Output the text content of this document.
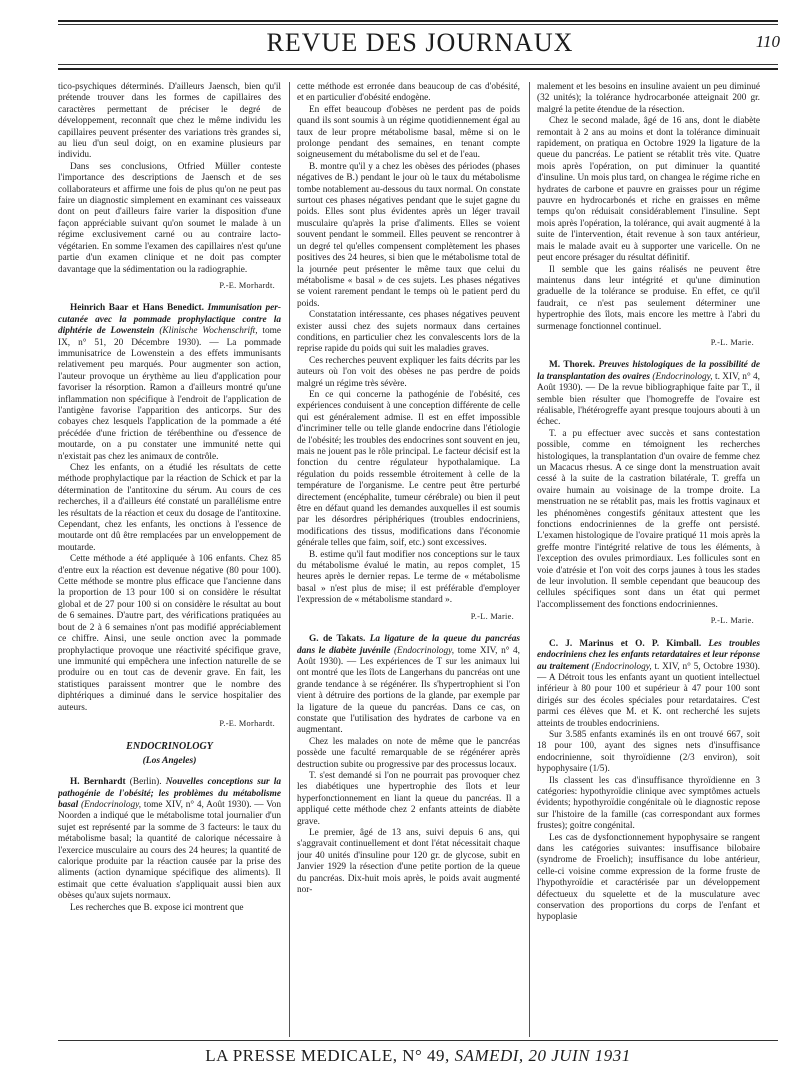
REVUE DES JOURNAUX	110

tico-psychiques déterminés. D'ailleurs Jaensch, bien qu'il prétende trouver dans les formes de capillaires des caractères permettant de préciser le degré de développement, reconnaît que chez le même individu les capillaires peuvent présenter des variations très grandes si, au lieu d'un seul doigt, on en examine plusieurs par individu.

Dans ses conclusions, Otfried Müller conteste l'importance des descriptions de Jaensch et de ses collaborateurs et affirme une fois de plus qu'on ne peut pas faire un diagnostic simplement en examinant ces vaisseaux dont on peut d'ailleurs faire varier la disposition d'une façon appréciable suivant qu'on soumet le malade à un régime exclusivement carné ou au contraire lacto-végétarien. En somme l'examen des capillaires n'est qu'une partie d'un examen clinique et ne doit pas compter davantage que la sédimentation ou la radiographie.

P.-E. Morhardt.

Heinrich Baar et Hans Benedict. Immunisation per-cutanée avec la pommade prophylactique contre la diphtérie de Lowenstein (Klinische Wochenschrift, tome IX, n° 51, 20 Décembre 1930). — La pommade immunisatrice de Lowenstein a des effets immunisants relativement peu marqués. Pour augmenter son action, l'auteur provoque un érythème au lieu d'application pour favoriser la résorption. Ramon a d'ailleurs montré qu'une inflammation non spécifique à l'endroit de l'application de l'antigène favorise l'apparition des anticorps. Sur des cobayes chez lesquels l'application de la pommade a été précédée d'une friction de térébenthine ou d'essence de moutarde, on a pu constater une immunité nette qui n'existait pas chez les animaux de contrôle.

Chez les enfants, on a étudié les résultats de cette méthode prophylactique par la réaction de Schick et par la détermination de l'antitoxine du sérum. Au cours de ces recherches, il a d'ailleurs été constaté un parallélisme entre les résultats de la réaction et ceux du dosage de l'antitoxine. Cependant, chez les enfants, les onctions à l'essence de moutarde ont dû être remplacées par un enveloppement de moutarde.

Cette méthode a été appliquée à 106 enfants. Chez 85 d'entre eux la réaction est devenue négative (80 pour 100). Cette méthode se montre plus efficace que l'ancienne dans la proportion de 13 pour 100 si on considère le résultat global et de 27 pour 100 si on considère le résultat au bout de 6 semaines. D'autre part, des vérifications pratiquées au bout de 2 à 6 semaines n'ont pas modifié appréciablement ce chiffre. Ainsi, une seule onction avec la pommade prophylactique provoque une réactivité spécifique grave, une immunité qui empêchera une infection naturelle de se produire ou en tout cas de devenir grave. En fait, les statistiques paraissent montrer que le nombre des diphtériques a diminué dans le service hospitalier des auteurs.

P.-E. Morhardt.
ENDOCRINOLOGY
(Los Angeles)

H. Bernhardt (Berlin). Nouvelles conceptions sur la pathogénie de l'obésité; les problèmes du métabolisme basal (Endocrinology, tome XIV, n° 4, Août 1930). — Von Noorden a indiqué que le métabolisme total journalier d'un sujet est représenté par la somme de 3 facteurs: le taux du métabolisme basal; la quantité de calorique nécessaire à l'exercice musculaire au cours des 24 heures; la quantité de calorique produite par la réaction causée par la prise des aliments (action dynamique spécifique des aliments). Il estimait que cette évaluation s'appliquait aussi bien aux obèses qu'aux sujets normaux.

Les recherches que B. expose ici montrent que

cette méthode est erronée dans beaucoup de cas d'obésité, et en particulier d'obésité endogène.

En effet beaucoup d'obèses ne perdent pas de poids quand ils sont soumis à un régime quotidiennement égal au taux de leur propre métabolisme basal, même si on le prolonge pendant des semaines, en tenant compte soigneusement du métabolisme du sel et de l'eau.

B. montre qu'il y a chez les obèses des périodes (phases négatives de B.) pendant le jour où le taux du métabolisme tombe notablement au-dessous du taux normal. On constate surtout ces phases négatives pendant que le sujet gagne du poids. Elles sont plus évidentes après un léger travail musculaire qu'après la prise d'aliments. Elles se voient souvent pendant le sommeil. Elles peuvent se rencontrer à un degré tel qu'elles compensent complètement les phases positives des 24 heures, si bien que le métabolisme total de la journée peut présenter le même taux que celui du métabolisme « basal » de ces sujets. Les phases négatives se voient rarement pendant le temps où le patient perd du poids.

Constatation intéressante, ces phases négatives peuvent exister aussi chez des sujets normaux dans certaines conditions, en particulier chez les convalescents lors de la reprise rapide du poids qui suit les maladies graves.

Ces recherches peuvent expliquer les faits décrits par les auteurs où l'on voit des obèses ne pas perdre de poids malgré un régime très sévère.

En ce qui concerne la pathogénie de l'obésité, ces expériences conduisent à une conception différente de celle qui est généralement admise. Il est en effet impossible d'incriminer telle ou telle glande endocrine dans l'étiologie de l'obésité; les troubles des endocrines sont souvent en jeu, mais ne jouent pas le rôle principal. Le facteur décisif est la fonction du centre régulateur hypothalamique. La régulation du poids ressemble étroitement à celle de la température de l'organisme. Le centre peut être perturbé directement (encéphalite, tumeur cérébrale) ou bien il peut être en défaut quand les demandes auxquelles il est soumis par les désordres périphériques (troubles endocriniens, modifications des tissus, modifications dans l'économie générale telles que faim, soif, etc.) sont excessives.

B. estime qu'il faut modifier nos conceptions sur le taux du métabolisme évalué le matin, au repos complet, 15 heures après le dernier repas. Le terme de « métabolisme basal » n'est plus de mise; il est préférable d'employer l'expression de « métabolisme standard ».

P.-L. Marie.

G. de Takats. La ligature de la queue du pancréas dans le diabète juvénile (Endocrinology, tome XIV, n° 4, Août 1930). — Les expériences de T sur les animaux lui ont montré que les îlots de Langerhans du pancréas ont une grande tendance à se régénérer. Ils s'hypertrophient si l'on vient à détruire des portions de la glande, par exemple par la ligature de la queue du pancréas. Dans ce cas, on constate que l'utilisation des hydrates de carbone va en augmentant.

Chez les malades on note de même que le pancréas possède une faculté remarquable de se régénérer après destruction subite ou progressive par des processus locaux.

T. s'est demandé si l'on ne pourrait pas provoquer chez les diabétiques une hypertrophie des îlots et leur hyperfonctionnement en liant la queue du pancréas. Il a appliqué cette méthode chez 2 enfants atteints de diabète grave.

Le premier, âgé de 13 ans, suivi depuis 6 ans, qui s'aggravait continuellement et dont l'état nécessitait chaque jour 40 unités d'insuline pour 120 gr. de glycose, subit en Janvier 1929 la résection d'une petite portion de la queue du pancréas. Dix-huit mois après, le poids avait augmenté nor-

malement et les besoins en insuline avaient un peu diminué (32 unités); la tolérance hydrocarbonée atteignait 200 gr. malgré la petite étendue de la résection.

Chez le second malade, âgé de 16 ans, dont le diabète remontait à 2 ans au moins et dont la tolérance diminuait rapidement, on pratiqua en Octobre 1929 la ligature de la queue du pancréas. Le patient se rétablit très vite. Quatre mois après l'opération, on put diminuer la quantité d'insuline. Un mois plus tard, on changea le régime riche en hydrates de carbone et pauvre en graisses pour un régime pauvre en hydrocarbonés et riche en graisses en même temps qu'on réduisait considérablement l'insuline. Sept mois après l'opération, la tolérance, qui avait augmenté à la suite de l'intervention, était revenue à son taux antérieur, mais le malade avait eu à supporter une varicelle. On ne peut encore présager du résultat définitif.

Il semble que les gains réalisés ne peuvent être maintenus dans leur intégrité et qu'une diminution graduelle de la tolérance se produise. En effet, ce qu'il faudrait, ce n'est pas seulement déterminer une hypertrophie des îlots, mais encore les mettre à l'abri du surmenage fonctionnel continuel.

P.-L. Marie.

M. Thorek. Preuves histologiques de la possibilité de la transplantation des ovaires (Endocrinology, t. XIV, n° 4, Août 1930). — De la revue bibliographique faite par T., il semble bien résulter que l'homogreffe de l'ovaire est réalisable, l'hétérogreffe ayant presque toujours abouti à un échec.

T. a pu effectuer avec succès et sans contestation possible, comme en témoignent les recherches histologiques, la transplantation d'un ovaire de femme chez un Macacus rhesus. A ce singe dont la menstruation avait cessé à la suite de la castration bilatérale, T. greffa un ovaire humain au voisinage de la trompe droite. La menstruation ne se rétablit pas, mais les frottis vaginaux et les phénomènes congestifs génitaux attestent que les fonctions endocriniennes de la greffe ont persisté. L'examen histologique de l'ovaire pratiqué 11 mois après la greffe montre l'intégrité relative de tous les éléments, à l'exception des ovules primordiaux. Les follicules sont en voie d'atrésie et l'on voit des corps jaunes à tous les stades de leur involution. Il semble cependant que beaucoup des cellules spécifiques sont dans un état qui permet l'accomplissement des fonctions endocriniennes.

P.-L. Marie.

C. J. Marinus et O. P. Kimball. Les troubles endocriniens chez les enfants retardataires et leur réponse au traitement (Endocrinology, t. XIV, n° 5, Octobre 1930). — A Détroit tous les enfants ayant un quotient intellectuel inférieur à 80 pour 100 et supérieur à 47 pour 100 sont dirigés sur des écoles spéciales pour retardataires. C'est parmi ces élèves que M. et K. ont recherché les sujets atteints de troubles endocriniens.

Sur 3.585 enfants examinés ils en ont trouvé 667, soit 18 pour 100, ayant des signes nets d'insuffisance endocrinienne, soit thyroïdienne (2/3 environ), soit hypophysaire (1/5).

Ils classent les cas d'insuffisance thyroïdienne en 3 catégories: hypothyroïdie clinique avec symptômes actuels évidents; hypothyroïdie congénitale où le diagnostic repose sur l'histoire de la famille (cas correspondant aux formes frustes); goitre congénital.

Les cas de dysfonctionnement hypophysaire se rangent dans les catégories suivantes: insuffisance bilobaire (syndrome de Froelich); insuffisance du lobe antérieur, celle-ci voisine comme expression de la forme fruste de l'hypothyroïdie et caractérisée par un développement défectueux du squelette et de la musculature avec conservation des proportions du corps de l'enfant et hypoplasie

LA PRESSE MEDICALE, N° 49, SAMEDI, 20 JUIN 1931
